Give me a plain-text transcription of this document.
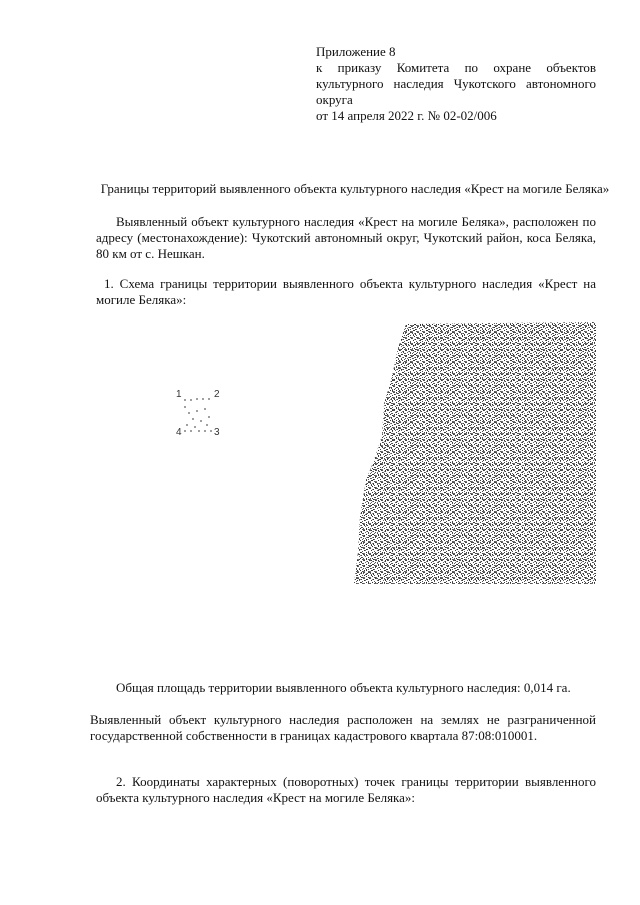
Приложение 8
к приказу Комитета по охране объектов
культурного наследия Чукотского автономного
округа
от 14 апреля 2022 г. № 02-02/006
Границы территорий выявленного объекта культурного наследия «Крест на могиле Беляка»
Выявленный объект культурного наследия «Крест на могиле Беляка», расположен по адресу (местонахождение): Чукотский автономный округ, Чукотский район, коса Беляка, 80 км от с. Нешкан.
1. Схема границы территории выявленного объекта культурного наследия «Крест на могиле Беляка»:
1	2
3
4
Общая площадь территории выявленного объекта культурного наследия: 0,014 га.
Выявленный объект культурного наследия расположен на землях не разграниченной государственной собственности в границах кадастрового квартала 87:08:010001.
2. Координаты характерных (поворотных) точек границы территории выявленного объекта культурного наследия «Крест на могиле Беляка»:
